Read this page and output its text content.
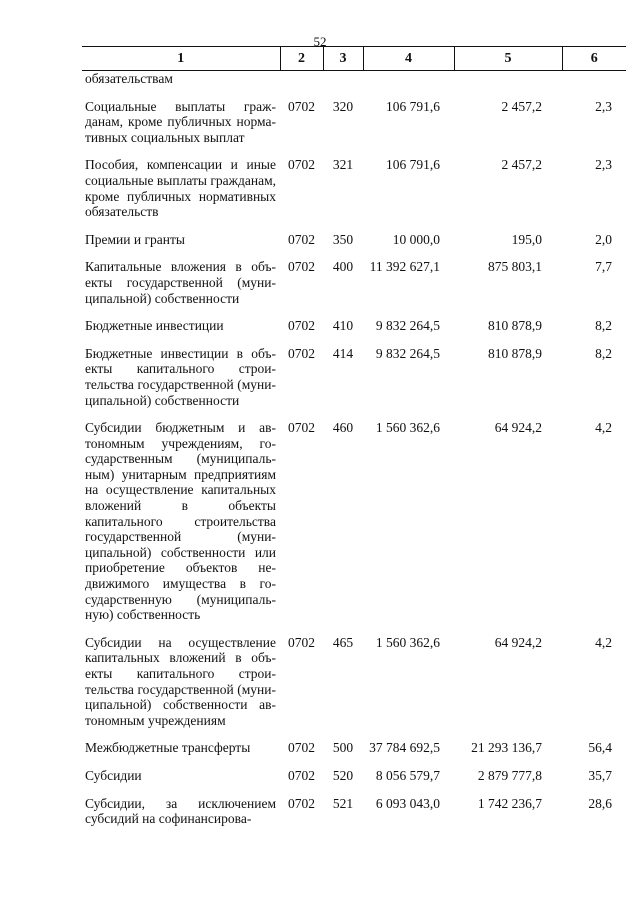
52
1	2	3	4	5	6
обязательствам					

Социальные выплаты гражданам, кроме публичных нормативных социальных выплат	0702	320	106 791,6	2 457,2	2,3

Пособия, компенсации и иные социальные выплаты гражданам, кроме публичных нормативных обязательств	0702	321	106 791,6	2 457,2	2,3

Премии и гранты	0702	350	10 000,0	195,0	2,0

Капитальные вложения в объекты государственной (муниципальной) собственности	0702	400	11 392 627,1	875 803,1	7,7

Бюджетные инвестиции	0702	410	9 832 264,5	810 878,9	8,2

Бюджетные инвестиции в объекты капитального строительства государственной (муниципальной) собственности	0702	414	9 832 264,5	810 878,9	8,2

Субсидии бюджетным и автономным учреждениям, государственным (муниципальным) унитарным предприятиям на осуществление капитальных вложений в объекты капитального строительства государственной (муниципальной) собственности или приобретение объектов недвижимого имущества в государственную (муниципальную) собственность	0702	460	1 560 362,6	64 924,2	4,2

Субсидии на осуществление капитальных вложений в объекты капитального строительства государственной (муниципальной) собственности автономным учреждениям	0702	465	1 560 362,6	64 924,2	4,2

Межбюджетные трансферты	0702	500	37 784 692,5	21 293 136,7	56,4

Субсидии	0702	520	8 056 579,7	2 879 777,8	35,7

Субсидии, за исключением субсидий на софинансирова-	0702	521	6 093 043,0	1 742 236,7	28,6
